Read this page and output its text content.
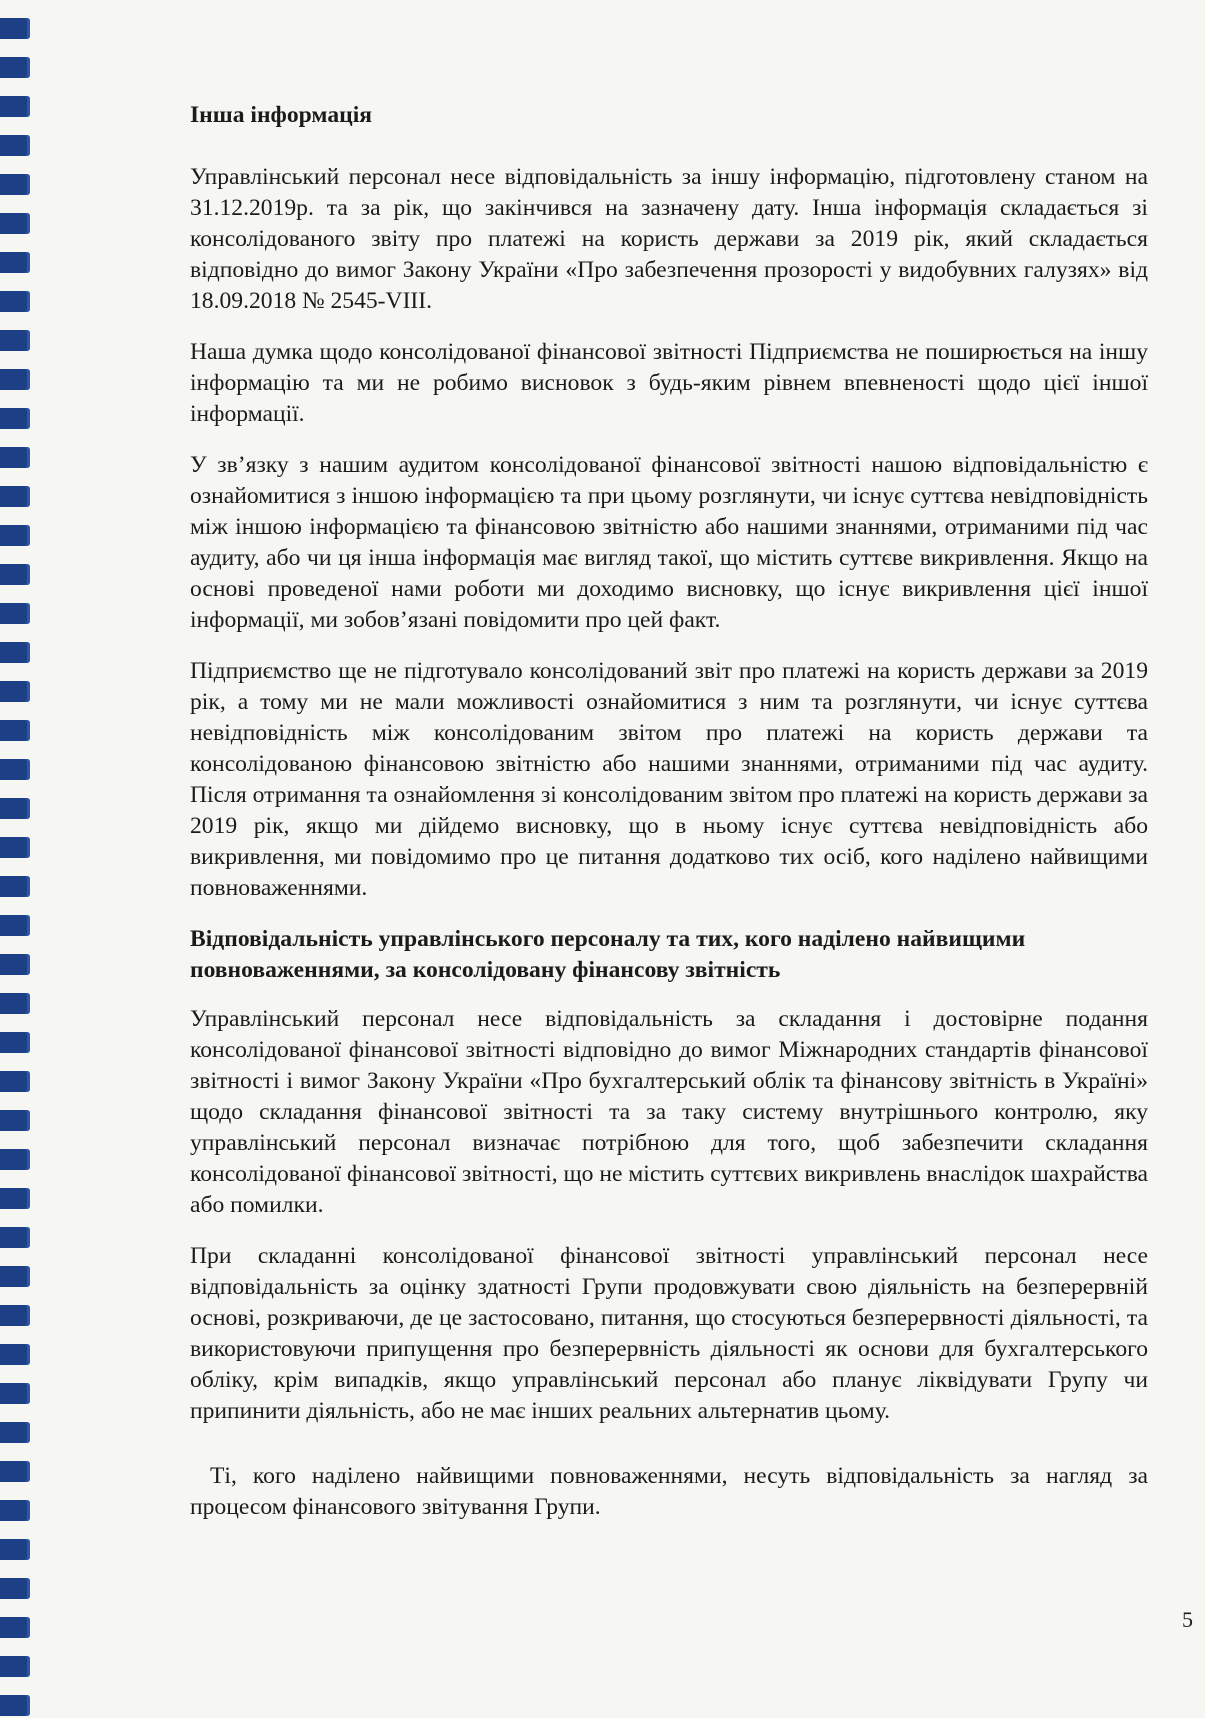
Інша інформація

Управлінський персонал несе відповідальність за іншу інформацію, підготовлену станом на 31.12.2019р. та за рік, що закінчився на зазначену дату. Інша інформація складається зі консолідованого звіту про платежі на користь держави за 2019 рік, який складається відповідно до вимог Закону України «Про забезпечення прозорості у видобувних галузях» від 18.09.2018 № 2545-VIII.

Наша думка щодо консолідованої фінансової звітності Підприємства не поширюється на іншу інформацію та ми не робимо висновок з будь-яким рівнем впевненості щодо цієї іншої інформації.

У зв’язку з нашим аудитом консолідованої фінансової звітності нашою відповідальністю є ознайомитися з іншою інформацією та при цьому розглянути, чи існує суттєва невідповідність між іншою інформацією та фінансовою звітністю або нашими знаннями, отриманими під час аудиту, або чи ця інша інформація має вигляд такої, що містить суттєве викривлення. Якщо на основі проведеної нами роботи ми доходимо висновку, що існує викривлення цієї іншої інформації, ми зобов’язані повідомити про цей факт.

Підприємство ще не підготувало консолідований звіт про платежі на користь держави за 2019 рік, а тому ми не мали можливості ознайомитися з ним та розглянути, чи існує суттєва невідповідність між консолідованим звітом про платежі на користь держави та консолідованою фінансовою звітністю або нашими знаннями, отриманими під час аудиту. Після отримання та ознайомлення зі консолідованим звітом про платежі на користь держави за 2019 рік, якщо ми дійдемо висновку, що в ньому існує суттєва невідповідність або викривлення, ми повідомимо про це питання додатково тих осіб, кого наділено найвищими повноваженнями.

Відповідальність управлінського персоналу та тих, кого наділено найвищими повноваженнями, за консолідовану фінансову звітність

Управлінський персонал несе відповідальність за складання і достовірне подання консолідованої фінансової звітності відповідно до вимог Міжнародних стандартів фінансової звітності і вимог Закону України «Про бухгалтерський облік та фінансову звітність в Україні» щодо складання фінансової звітності та за таку систему внутрішнього контролю, яку управлінський персонал визначає потрібною для того, щоб забезпечити складання консолідованої фінансової звітності, що не містить суттєвих викривлень внаслідок шахрайства або помилки.

При складанні консолідованої фінансової звітності управлінський персонал несе відповідальність за оцінку здатності Групи продовжувати свою діяльність на безперервній основі, розкриваючи, де це застосовано, питання, що стосуються безперервності діяльності, та використовуючи припущення про безперервність діяльності як основи для бухгалтерського обліку, крім випадків, якщо управлінський персонал або планує ліквідувати Групу чи припинити діяльність, або не має інших реальних альтернатив цьому.

Ті, кого наділено найвищими повноваженнями, несуть відповідальність за нагляд за процесом фінансового звітування Групи.

5
